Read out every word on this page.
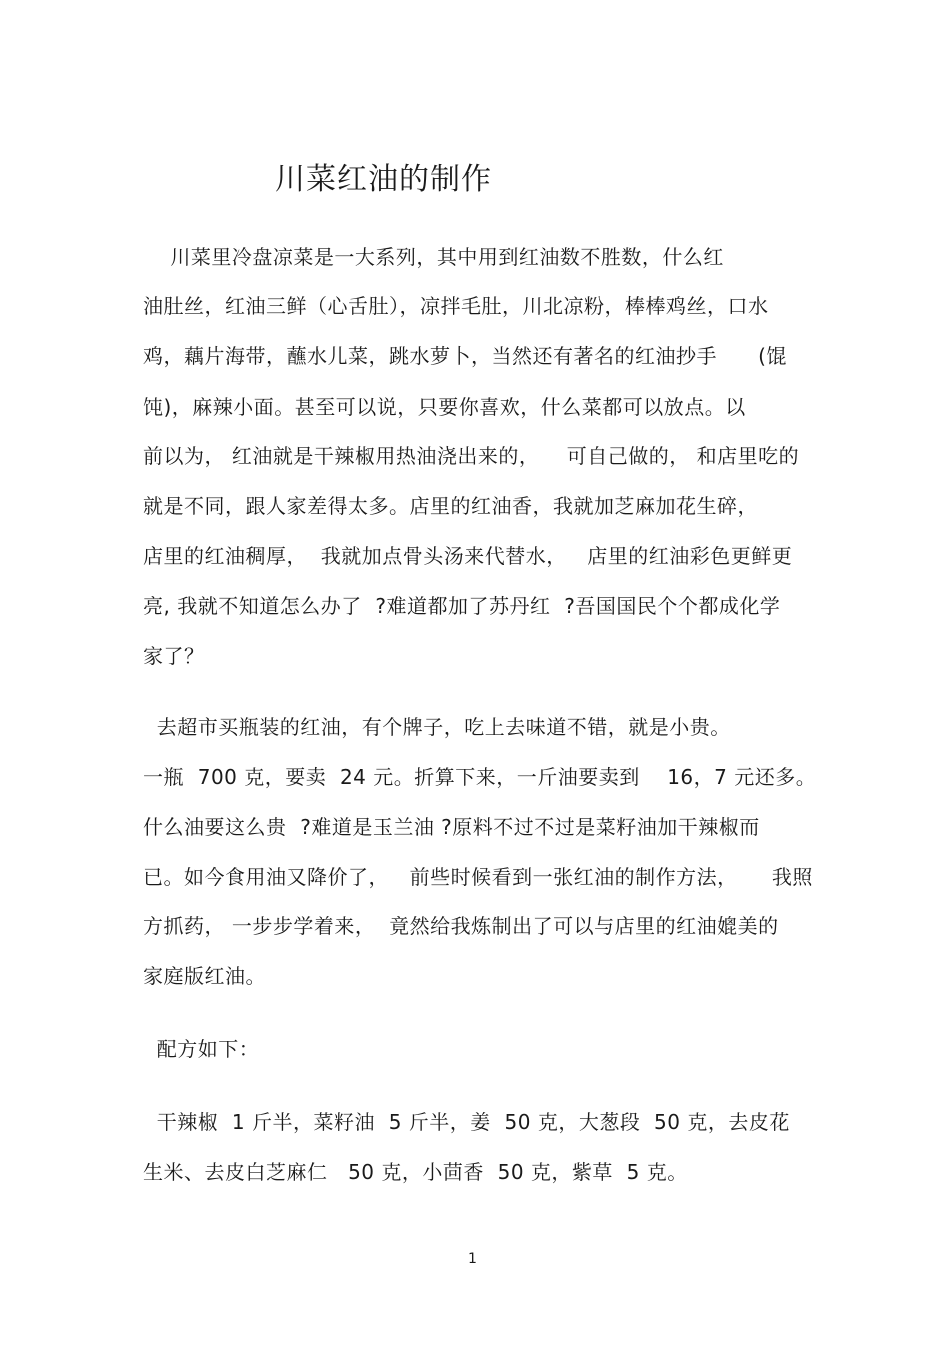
川菜红油的制作
川菜里冷盘凉菜是一大系列，其中用到红油数不胜数，什么红
油肚丝，红油三鲜（心舌肚），凉拌毛肚，川北凉粉，棒棒鸡丝，口水
鸡，藕片海带，蘸水儿菜，跳水萝卜，当然还有著名的红油抄手      (馄
饨)，麻辣小面。甚至可以说，只要你喜欢，什么菜都可以放点。以
前以为， 红油就是干辣椒用热油浇出来的，    可自己做的， 和店里吃的
就是不同，跟人家差得太多。店里的红油香，我就加芝麻加花生碎，
店里的红油稠厚，  我就加点骨头汤来代替水，   店里的红油彩色更鲜更
亮, 我就不知道怎么办了  ?难道都加了苏丹红  ?吾国国民个个都成化学
家了？
去超市买瓶装的红油，有个牌子，吃上去味道不错，就是小贵。
一瓶  700 克，要卖  24 元。折算下来，一斤油要卖到    16，7 元还多。
什么油要这么贵  ?难道是玉兰油 ?原料不过不过是菜籽油加干辣椒而
已。如今食用油又降价了，   前些时候看到一张红油的制作方法，     我照
方抓药， 一步步学着来，  竟然给我炼制出了可以与店里的红油媲美的
家庭版红油。
配方如下：
干辣椒  1 斤半，菜籽油  5 斤半，姜  50 克，大葱段  50 克，去皮花
生米、去皮白芝麻仁   50 克，小茴香  50 克，紫草  5 克。
1
